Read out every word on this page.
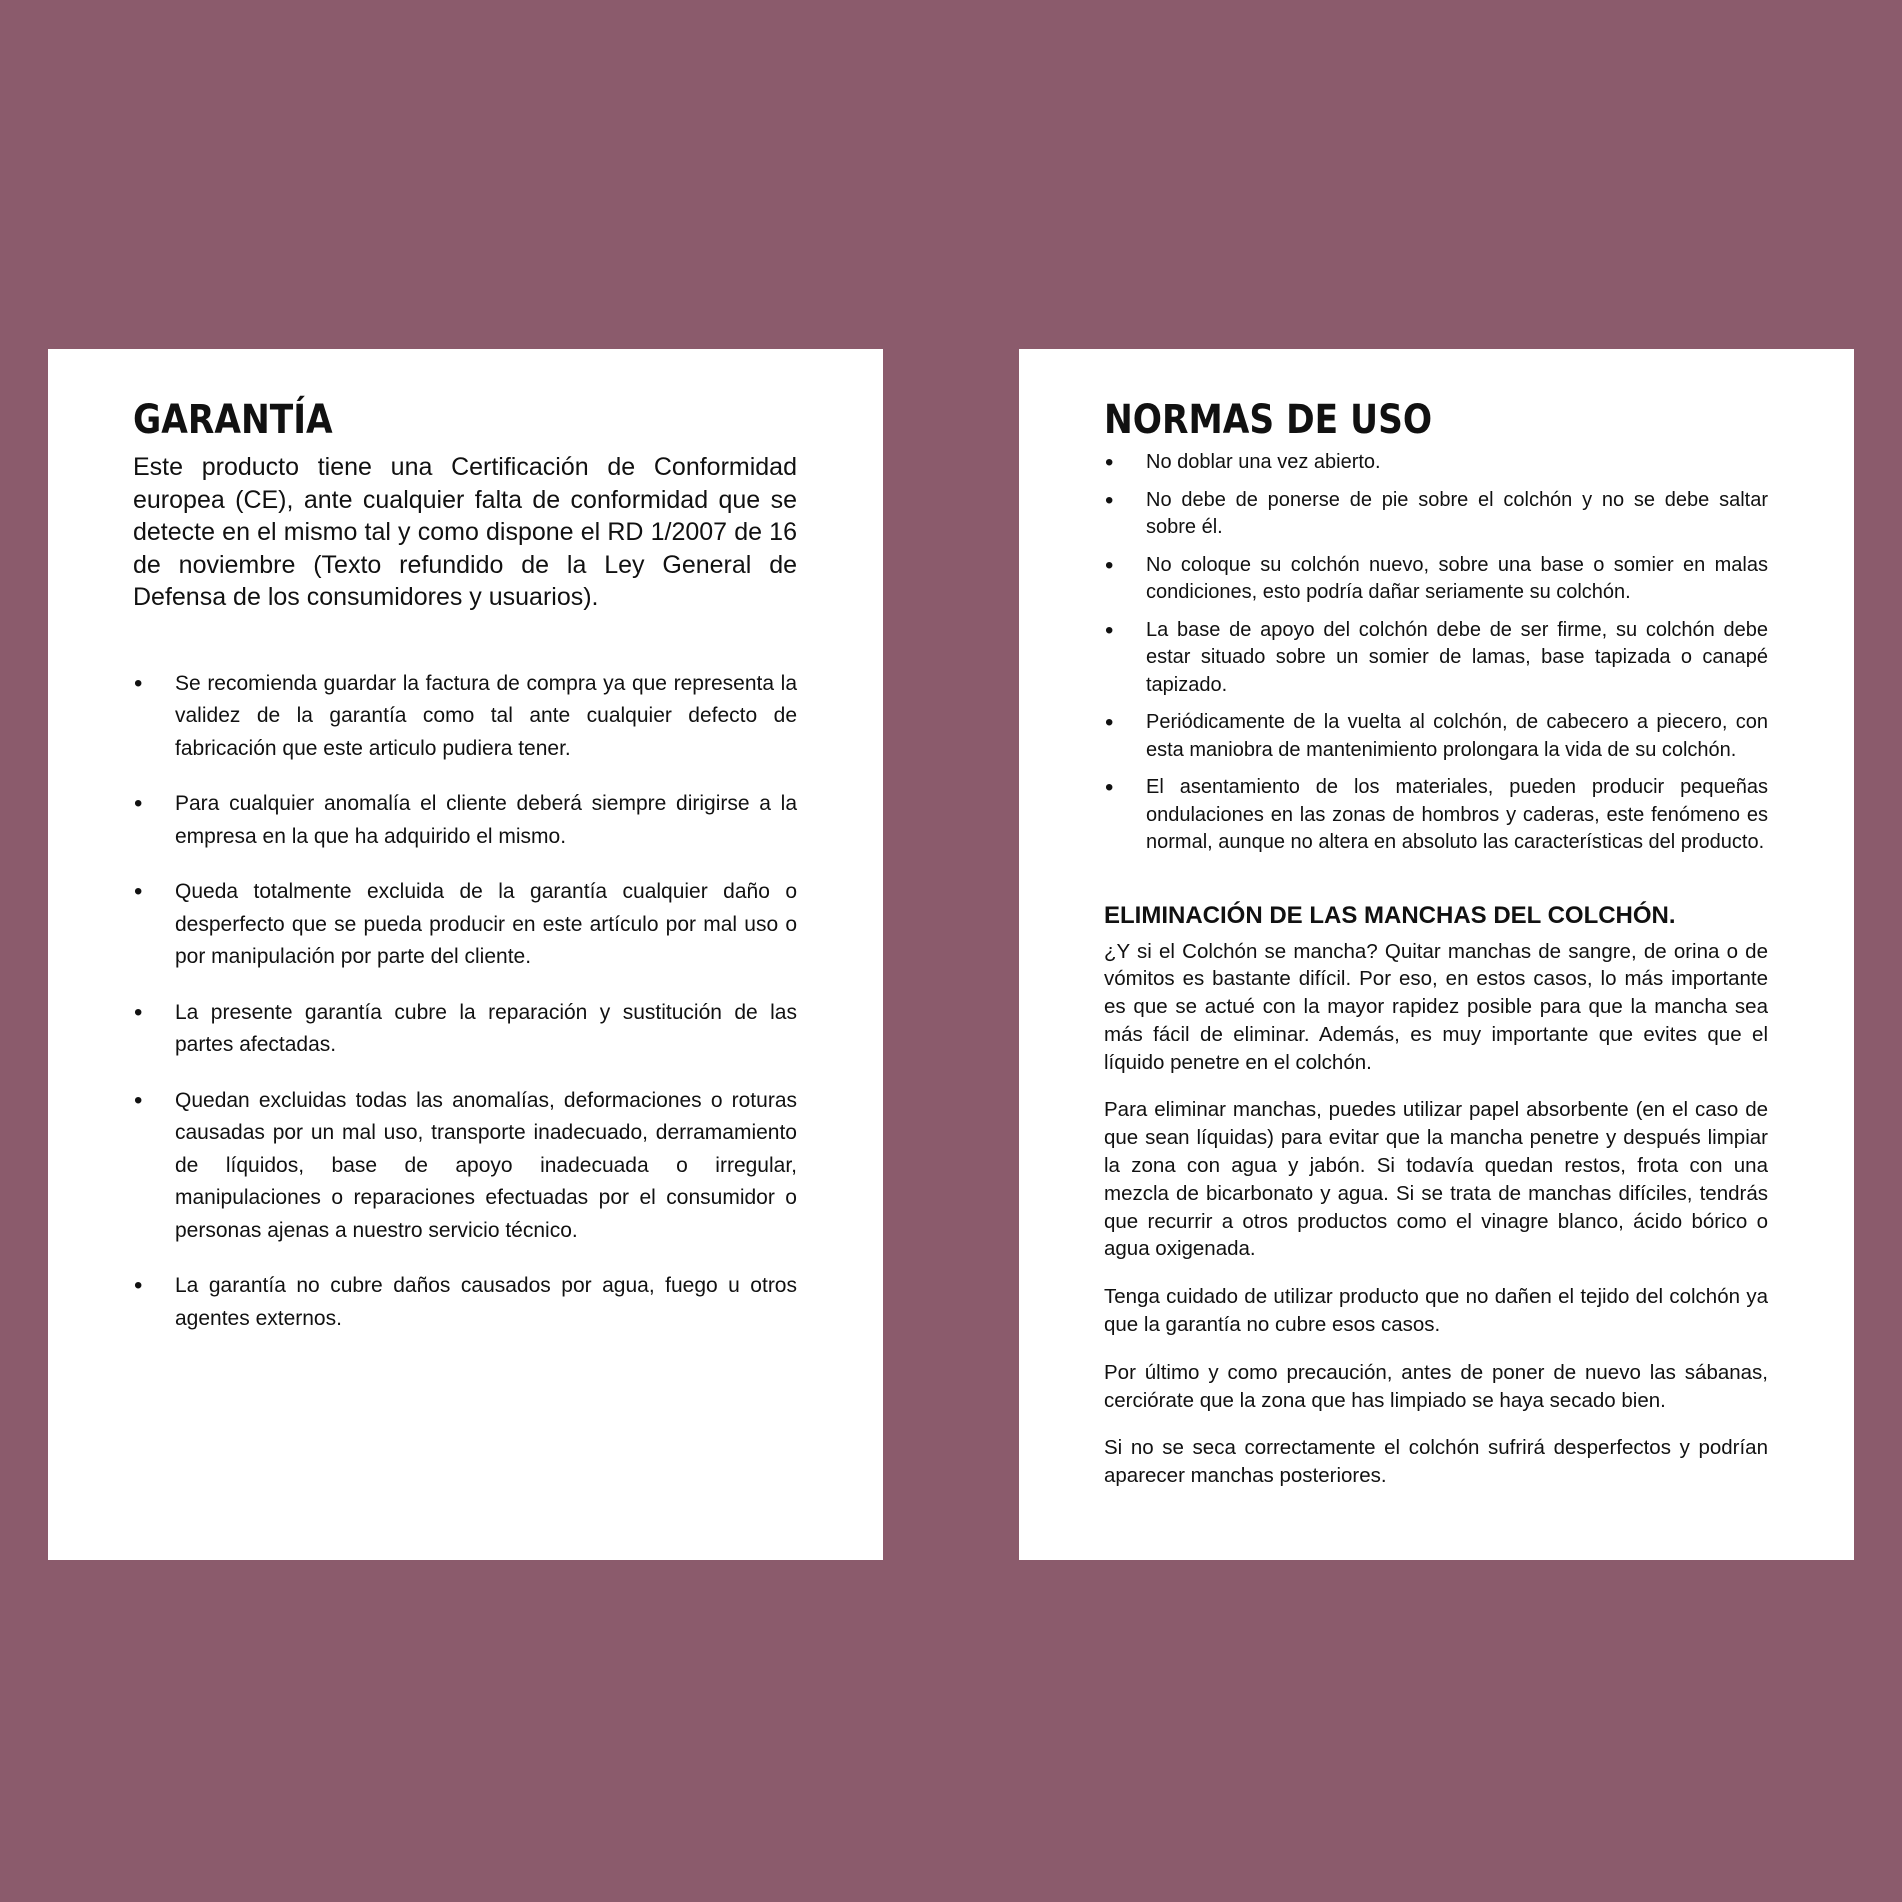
GARANTÍA

Este producto tiene una Certificación de Conformidad europea (CE), ante cualquier falta de conformidad que se detecte en el mismo tal y como dispone el RD 1/2007 de 16 de noviembre (Texto refundido de la Ley General de Defensa de los consumidores y usuarios).

• Se recomienda guardar la factura de compra ya que representa la validez de la garantía como tal ante cualquier defecto de fabricación que este articulo pudiera tener.
• Para cualquier anomalía el cliente deberá siempre dirigirse a la empresa en la que ha adquirido el mismo.
• Queda totalmente excluida de la garantía cualquier daño o desperfecto que se pueda producir en este artículo por mal uso o por manipulación por parte del cliente.
• La presente garantía cubre la reparación y sustitución de las partes afectadas.
• Quedan excluidas todas las anomalías, deformaciones o roturas causadas por un mal uso, transporte inadecuado, derramamiento de líquidos, base de apoyo inadecuada o irregular, manipulaciones o reparaciones efectuadas por el consumidor o personas ajenas a nuestro servicio técnico.
• La garantía no cubre daños causados por agua, fuego u otros agentes externos.
NORMAS DE USO
• No doblar una vez abierto.
• No debe de ponerse de pie sobre el colchón y no se debe saltar sobre él.
• No coloque su colchón nuevo, sobre una base o somier en malas condiciones, esto podría dañar seriamente su colchón.
• La base de apoyo del colchón debe de ser firme, su colchón debe estar situado sobre un somier de lamas, base tapizada o canapé tapizado.
• Periódicamente de la vuelta al colchón, de cabecero a piecero, con esta maniobra de mantenimiento prolongara la vida de su colchón.
• El asentamiento de los materiales, pueden producir pequeñas ondulaciones en las zonas de hombros y caderas, este fenómeno es normal, aunque no altera en absoluto las características del producto.
ELIMINACIÓN DE LAS MANCHAS DEL COLCHÓN.

¿Y si el Colchón se mancha? Quitar manchas de sangre, de orina o de vómitos es bastante difícil. Por eso, en estos casos, lo más importante es que se actué con la mayor rapidez posible para que la mancha sea más fácil de eliminar. Además, es muy importante que evites que el líquido penetre en el colchón.

Para eliminar manchas, puedes utilizar papel absorbente (en el caso de que sean líquidas) para evitar que la mancha penetre y después limpiar la zona con agua y jabón. Si todavía quedan restos, frota con una mezcla de bicarbonato y agua. Si se trata de manchas difíciles, tendrás que recurrir a otros productos como el vinagre blanco, ácido bórico o agua oxigenada.

Tenga cuidado de utilizar producto que no dañen el tejido del colchón ya que la garantía no cubre esos casos.

Por último y como precaución, antes de poner de nuevo las sábanas, cerciórate que la zona que has limpiado se haya secado bien.

Si no se seca correctamente el colchón sufrirá desperfectos y podrían aparecer manchas posteriores.
